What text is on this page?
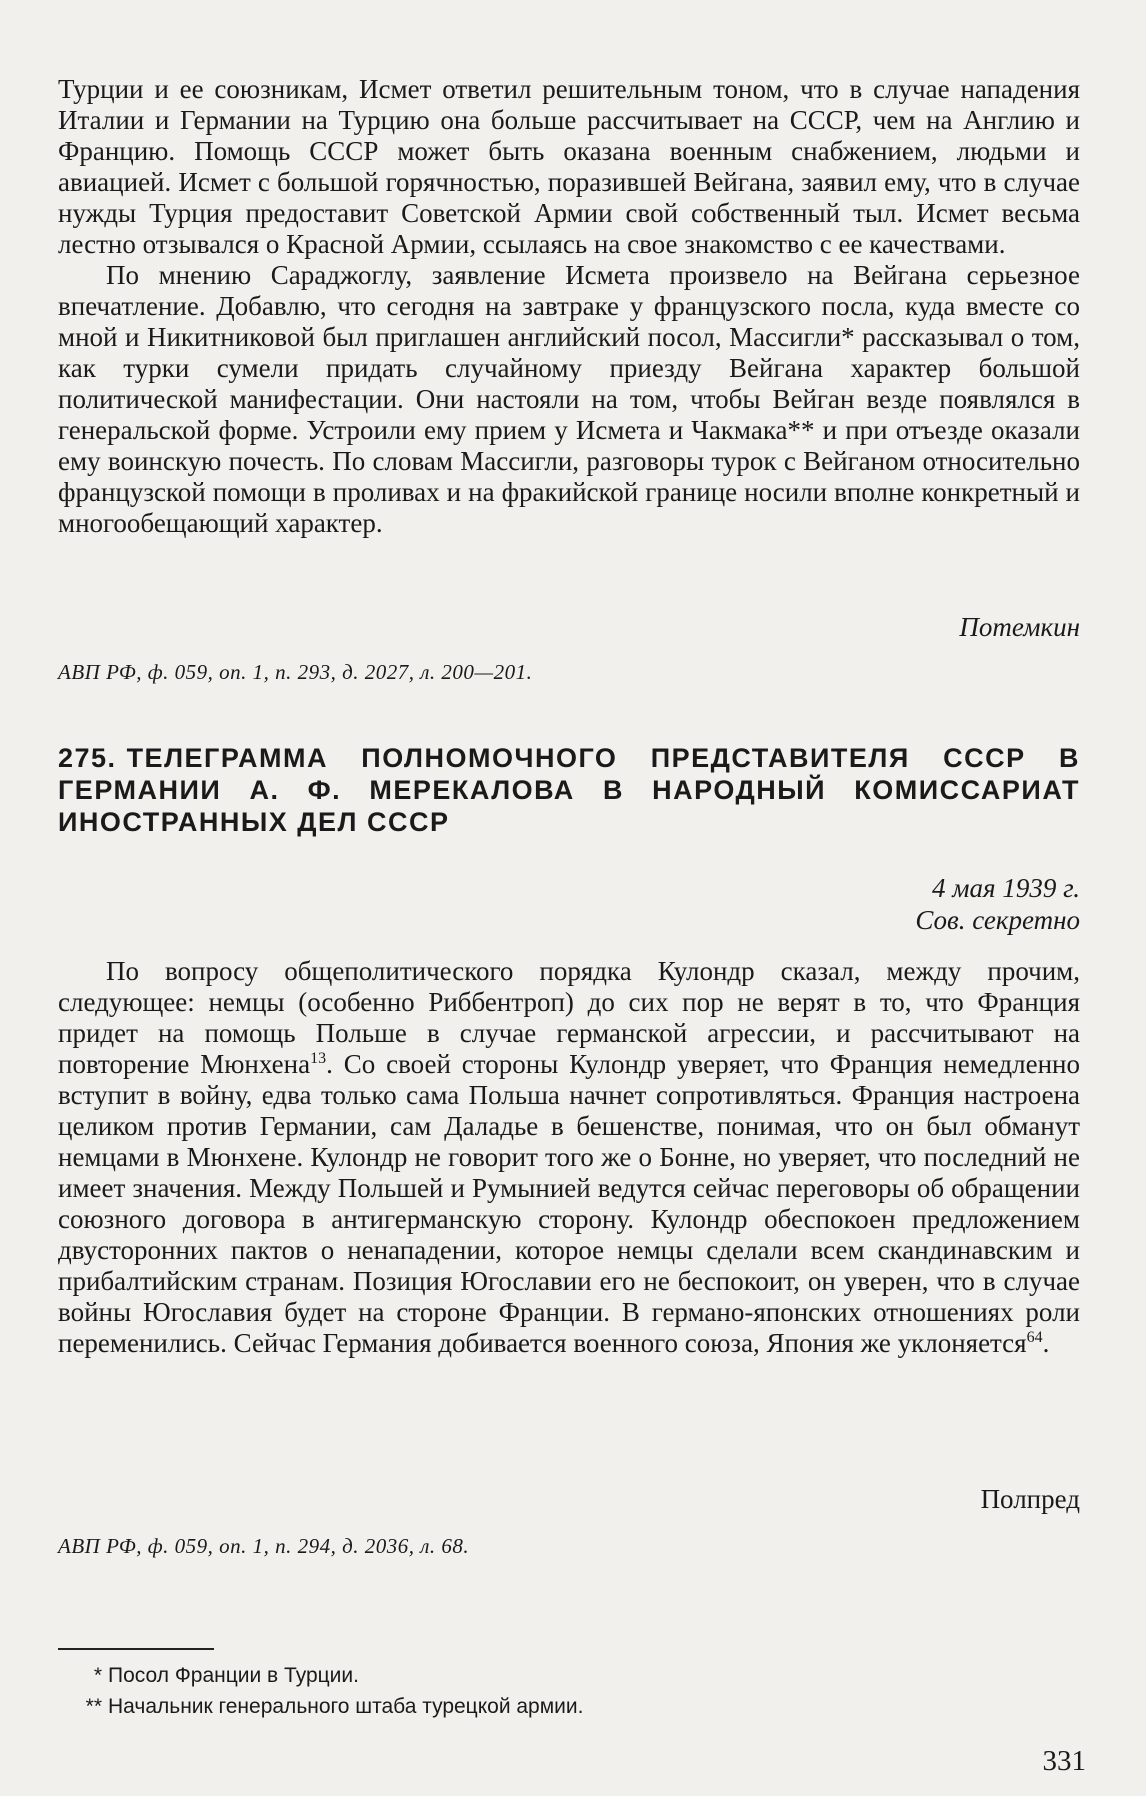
Турции и ее союзникам, Исмет ответил решительным тоном, что в случае нападения Италии и Германии на Турцию она больше рассчитывает на СССР, чем на Англию и Францию. Помощь СССР может быть оказана военным снабжением, людьми и авиацией. Исмет с большой горячностью, поразившей Вейгана, заявил ему, что в случае нужды Турция предоставит Советской Армии свой собственный тыл. Исмет весьма лестно отзывался о Красной Армии, ссылаясь на свое знакомство с ее качествами.

По мнению Сараджоглу, заявление Исмета произвело на Вейгана серьезное впечатление. Добавлю, что сегодня на завтраке у французского посла, куда вместе со мной и Никитниковой был приглашен английский посол, Массигли* рассказывал о том, как турки сумели придать случайному приезду Вейгана характер большой политической манифестации. Они настояли на том, чтобы Вейган везде появлялся в генеральской форме. Устроили ему прием у Исмета и Чакмака** и при отъезде оказали ему воинскую почесть. По словам Массигли, разговоры турок с Вейганом относительно французской помощи в проливах и на фракийской границе носили вполне конкретный и многообещающий характер.

Потемкин

АВП РФ, ф. 059, оп. 1, п. 293, д. 2027, л. 200—201.

275. ТЕЛЕГРАММА ПОЛНОМОЧНОГО ПРЕДСТАВИТЕЛЯ СССР В ГЕРМАНИИ А. Ф. МЕРЕКАЛОВА В НАРОДНЫЙ КОМИССАРИАТ ИНОСТРАННЫХ ДЕЛ СССР

4 мая 1939 г.

Сов. секретно

По вопросу общеполитического порядка Кулондр сказал, между прочим, следующее: немцы (особенно Риббентроп) до сих пор не верят в то, что Франция придет на помощь Польше в случае германской агрессии, и рассчитывают на повторение Мюнхена$^{13}$. Со своей стороны Кулондр уверяет, что Франция немедленно вступит в войну, едва только сама Польша начнет сопротивляться. Франция настроена целиком против Германии, сам Даладье в бешенстве, понимая, что он был обманут немцами в Мюнхене. Кулондр не говорит того же о Бонне, но уверяет, что последний не имеет значения. Между Польшей и Румынией ведутся сейчас переговоры об обращении союзного договора в антигерманскую сторону. Кулондр обеспокоен предложением двусторонних пактов о ненападении, которое немцы сделали всем скандинавским и прибалтийским странам. Позиция Югославии его не беспокоит, он уверен, что в случае войны Югославия будет на стороне Франции. В германо-японских отношениях роли переменились. Сейчас Германия добивается военного союза, Япония же уклоняется$^{64}$.

Полпред

АВП РФ, ф. 059, оп. 1, п. 294, д. 2036, л. 68.

* Посол Франции в Турции.

** Начальник генерального штаба турецкой армии.

331
